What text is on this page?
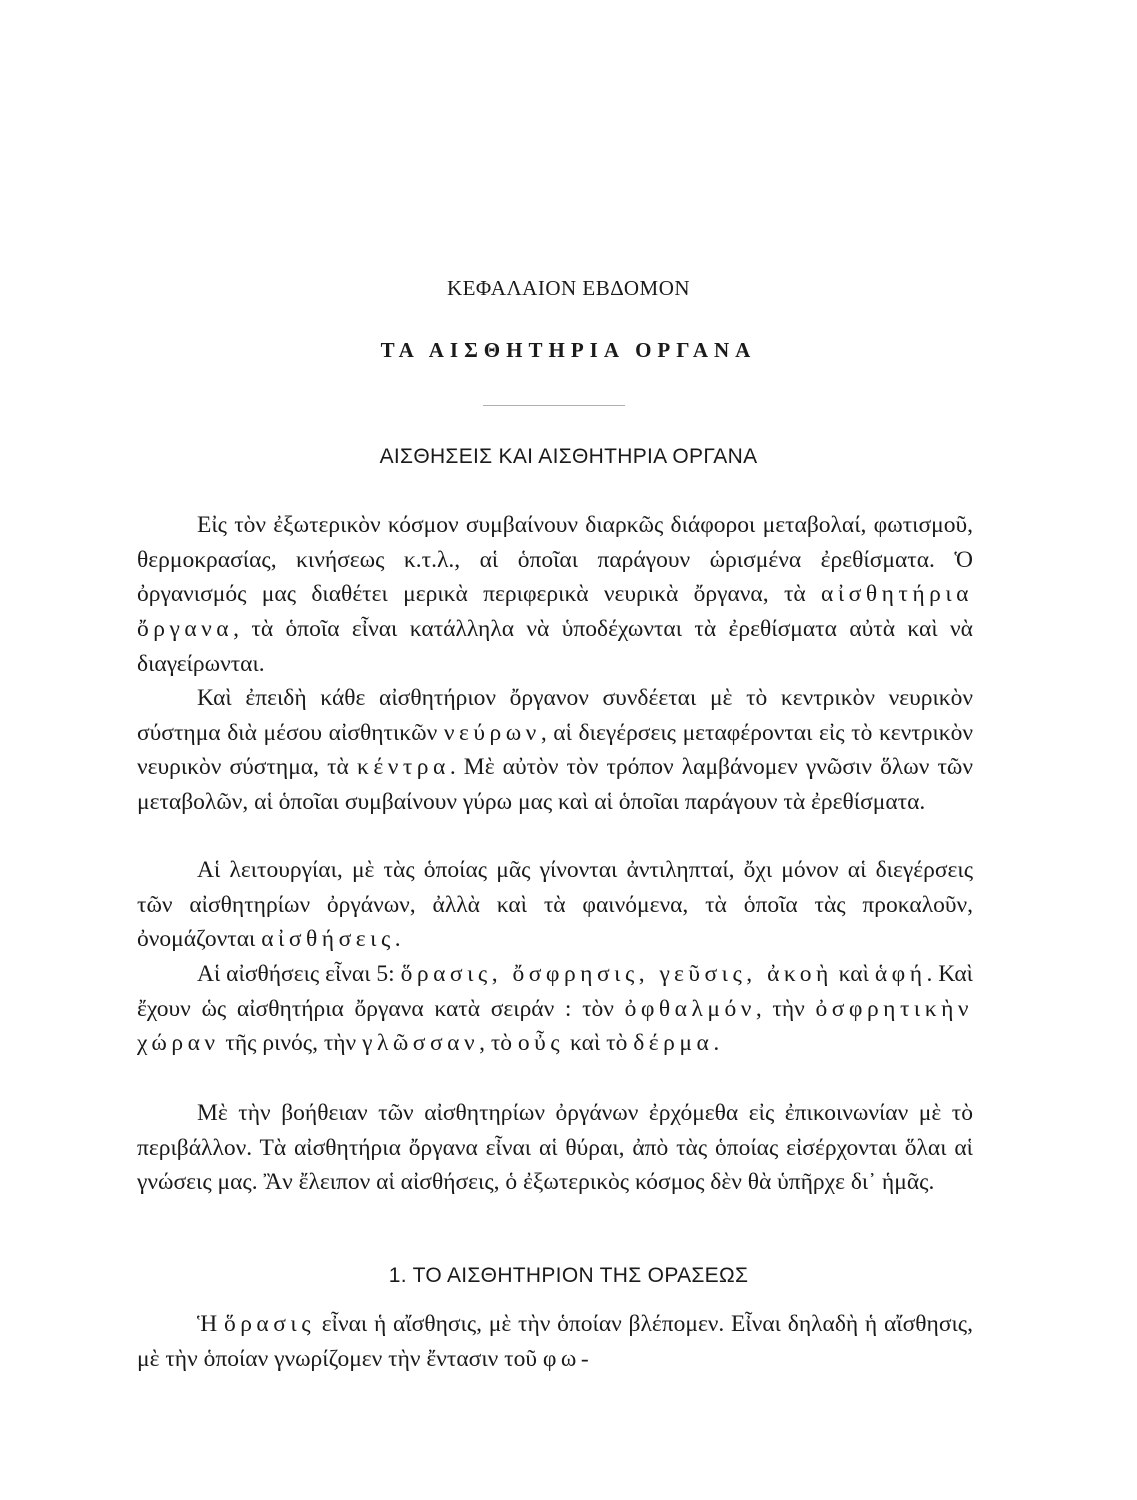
ΚΕΦΑΛΑΙΟΝ ΕΒΔΟΜΟΝ
ΤΑ ΑΙΣΘΗΤΗΡΙΑ ΟΡΓΑΝΑ
ΑΙΣΘΗΣΕΙΣ ΚΑΙ ΑΙΣΘΗΤΗΡΙΑ ΟΡΓΑΝΑ

Εἰς τὸν ἐξωτερικὸν κόσμον συμβαίνουν διαρκῶς διάφοροι μεταβολαί, φωτισμοῦ, θερμοκρασίας, κινήσεως κ.τ.λ., αἱ ὁποῖαι παράγουν ὡρισμένα ἐρεθίσματα. Ὁ ὀργανισμός μας διαθέτει μερικὰ περιφερικὰ νευρικὰ ὄργανα, τὰ αἰσθητήρια ὄργανα, τὰ ὁποῖα εἶναι κατάλληλα νὰ ὑποδέχωνται τὰ ἐρεθίσματα αὐτὰ καὶ νὰ διαγείρωνται.

Καὶ ἐπειδὴ κάθε αἰσθητήριον ὄργανον συνδέεται μὲ τὸ κεντρικὸν νευρικὸν σύστημα διὰ μέσου αἰσθητικῶν νεύρων, αἱ διεγέρσεις μεταφέρονται εἰς τὸ κεντρικὸν νευρικὸν σύστημα, τὰ κέντρα. Μὲ αὐτὸν τὸν τρόπον λαμβάνομεν γνῶσιν ὅλων τῶν μεταβολῶν, αἱ ὁποῖαι συμβαίνουν γύρω μας καὶ αἱ ὁποῖαι παράγουν τὰ ἐρεθίσματα.

Αἱ λειτουργίαι, μὲ τὰς ὁποίας μᾶς γίνονται ἀντιληπταί, ὄχι μόνον αἱ διεγέρσεις τῶν αἰσθητηρίων ὀργάνων, ἀλλὰ καὶ τὰ φαινόμενα, τὰ ὁποῖα τὰς προκαλοῦν, ὀνομάζονται αἰσθήσεις.

Αἱ αἰσθήσεις εἶναι 5: ὅρασις, ὄσφρησις, γεῦσις, ἀκοὴ καὶ ἁφή. Καὶ ἔχουν ὡς αἰσθητήρια ὄργανα κατὰ σειράν : τὸν ὀφθαλμόν, τὴν ὀσφρητικὴν χώραν τῆς ρινός, τὴν γλῶσσαν, τὸ οὖς καὶ τὸ δέρμα.

Μὲ τὴν βοήθειαν τῶν αἰσθητηρίων ὀργάνων ἐρχόμεθα εἰς ἐπικοινωνίαν μὲ τὸ περιβάλλον. Τὰ αἰσθητήρια ὄργανα εἶναι αἱ θύραι, ἀπὸ τὰς ὁποίας εἰσέρχονται ὅλαι αἱ γνώσεις μας. Ἂν ἔλειπον αἱ αἰσθήσεις, ὁ ἐξωτερικὸς κόσμος δὲν θὰ ὑπῆρχε δι᾽ ἡμᾶς.

1. ΤΟ ΑΙΣΘΗΤΗΡΙΟΝ ΤΗΣ ΟΡΑΣΕΩΣ

Ἡ ὅρασις εἶναι ἡ αἴσθησις, μὲ τὴν ὁποίαν βλέπομεν. Εἶναι δηλαδὴ ἡ αἴσθησις, μὲ τὴν ὁποίαν γνωρίζομεν τὴν ἔντασιν τοῦ φω-
